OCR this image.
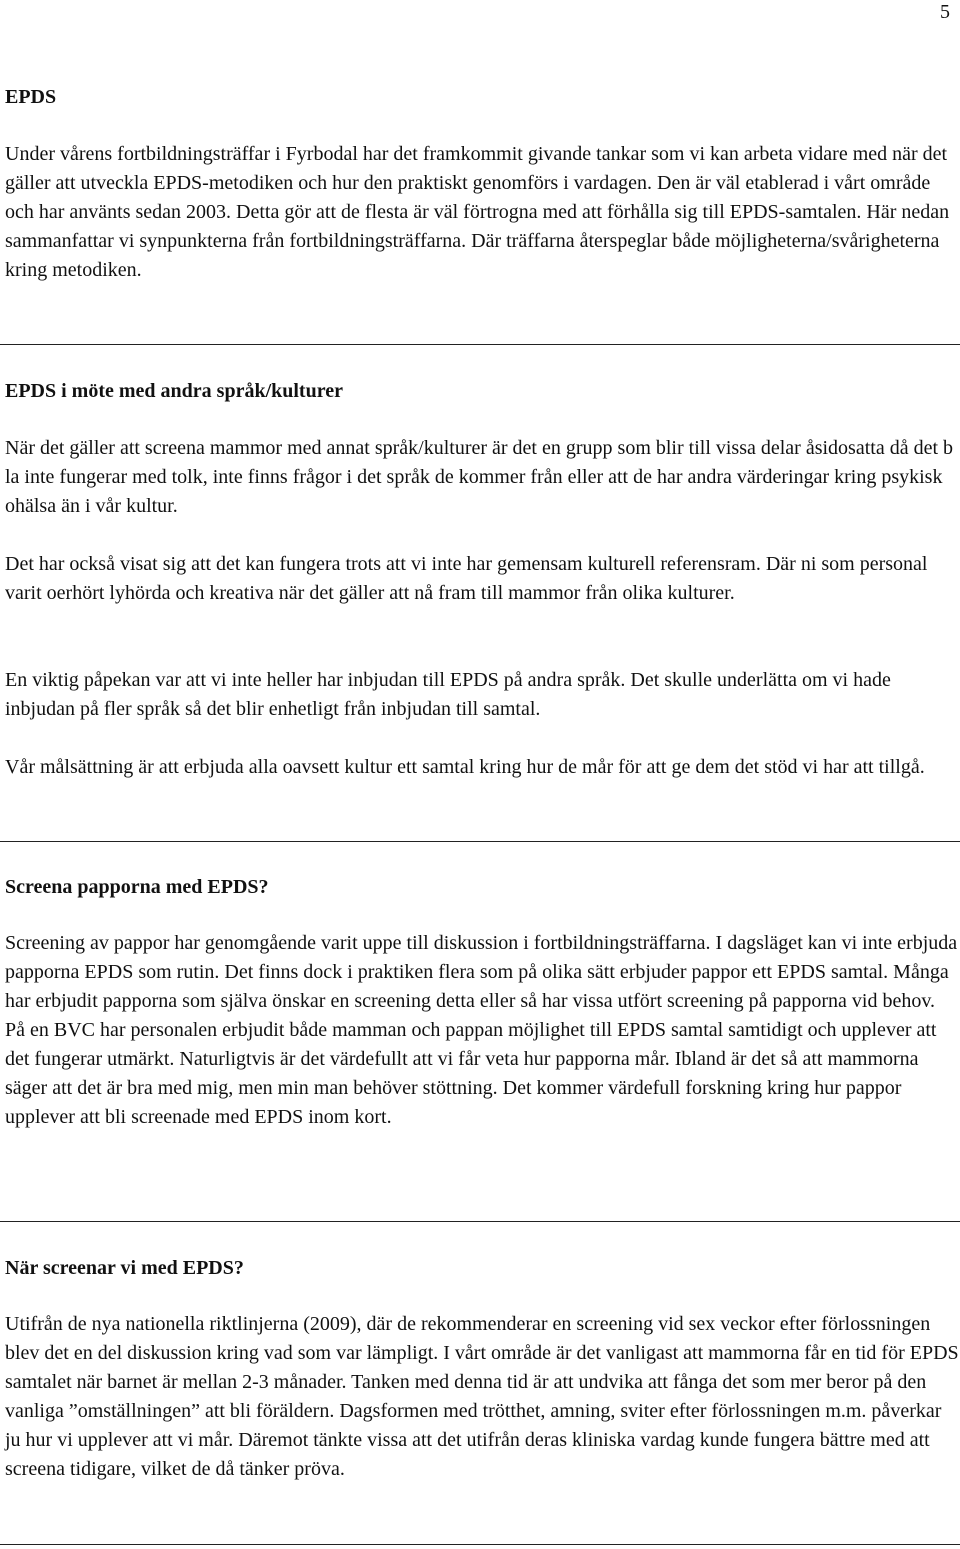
5
EPDS

Under vårens fortbildningsträffar i Fyrbodal har det framkommit givande tankar som vi kan arbeta vidare med när det gäller att utveckla EPDS-metodiken och hur den praktiskt genomförs i vardagen. Den är väl etablerad i vårt område och har använts sedan 2003. Detta gör att de flesta är väl förtrogna med att förhålla sig till EPDS-samtalen. Här nedan sammanfattar vi synpunkterna från fortbildningsträffarna. Där träffarna återspeglar både möjligheterna/svårigheterna kring metodiken.

EPDS i möte med andra språk/kulturer

När det gäller att screena mammor med annat språk/kulturer är det en grupp som blir till vissa delar åsidosatta då det b la inte fungerar med tolk, inte finns frågor i det språk de kommer från eller att de har andra värderingar kring psykisk ohälsa än i vår kultur.

Det har också visat sig att det kan fungera trots att vi inte har gemensam kulturell referensram. Där ni som personal varit oerhört lyhörda och kreativa när det gäller att nå fram till mammor från olika kulturer.

En viktig påpekan var att vi inte heller har inbjudan till EPDS på andra språk. Det skulle underlätta om vi hade inbjudan på fler språk så det blir enhetligt från inbjudan till samtal.

Vår målsättning är att erbjuda alla oavsett kultur ett samtal kring hur de mår för att ge dem det stöd vi har att tillgå.

Screena papporna med EPDS?

Screening av pappor har genomgående varit uppe till diskussion i fortbildningsträffarna. I dagsläget kan vi inte erbjuda papporna EPDS som rutin. Det finns dock i praktiken flera som på olika sätt erbjuder pappor ett EPDS samtal. Många har erbjudit papporna som själva önskar en screening detta eller så har vissa utfört screening på papporna vid behov. På en BVC har personalen erbjudit både mamman och pappan möjlighet till EPDS samtal samtidigt och upplever att det fungerar utmärkt. Naturligtvis är det värdefullt att vi får veta hur papporna mår. Ibland är det så att mammorna säger att det är bra med mig, men min man behöver stöttning. Det kommer värdefull forskning kring hur pappor upplever att bli screenade med EPDS inom kort.

När screenar vi med EPDS?

Utifrån de nya nationella riktlinjerna (2009), där de rekommenderar en screening vid sex veckor efter förlossningen blev det en del diskussion kring vad som var lämpligt. I vårt område är det vanligast att mammorna får en tid för EPDS samtalet när barnet är mellan 2-3 månader. Tanken med denna tid är att undvika att fånga det som mer beror på den vanliga ”omställningen” att bli föräldern. Dagsformen med trötthet, amning, sviter efter förlossningen m.m. påverkar ju hur vi upplever att vi mår. Däremot tänkte vissa att det utifrån deras kliniska vardag kunde fungera bättre med att screena tidigare, vilket de då tänker pröva.
